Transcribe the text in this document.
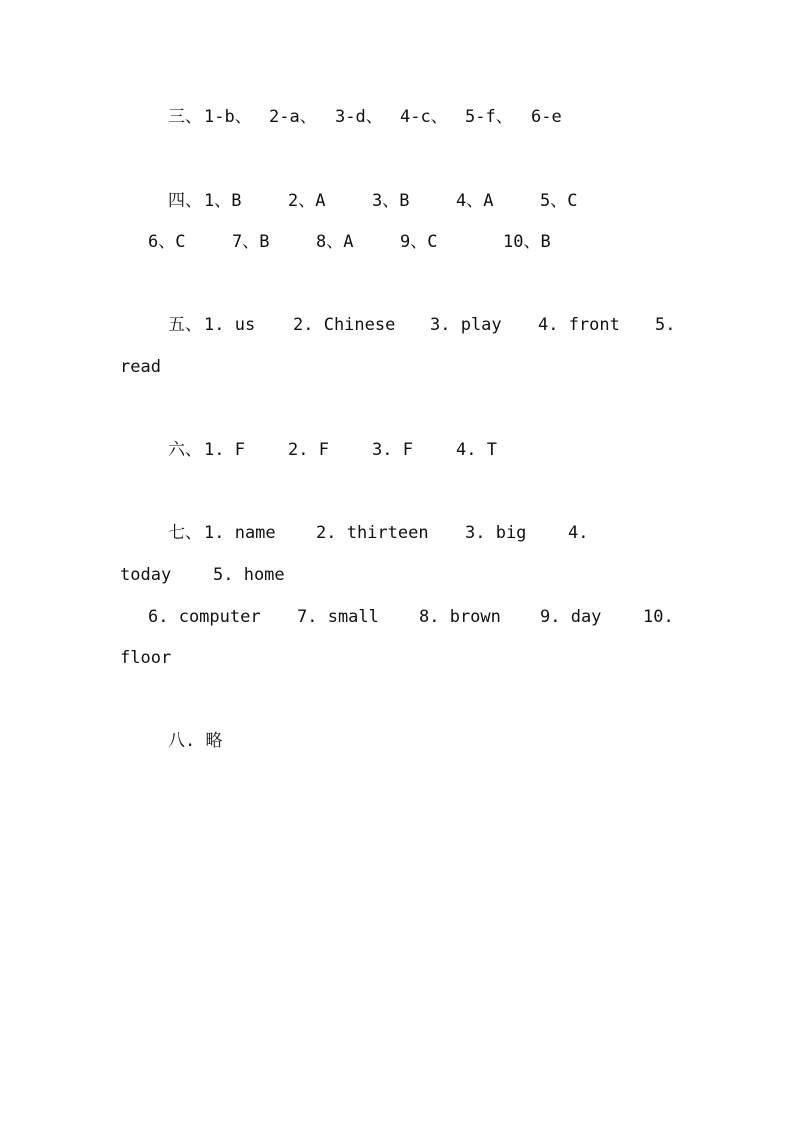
三、

1-b、

2-a、

3-d、

4-c、

5-f、

6-e

四、

1、B

	2、A

	3、B

	4、A

	5、C

6、C

	7、B

	8、A

	9、C

	10、B

五、

1. us

2. Chinese

3. play

4. front

5.

read

六、

1. F

	2. F

	3. F

	4. T

七、

1. name

2. thirteen

3. big

4.

today

5. home

6. computer

7. small

8. brown

9. day

10.

floor

八. 略
